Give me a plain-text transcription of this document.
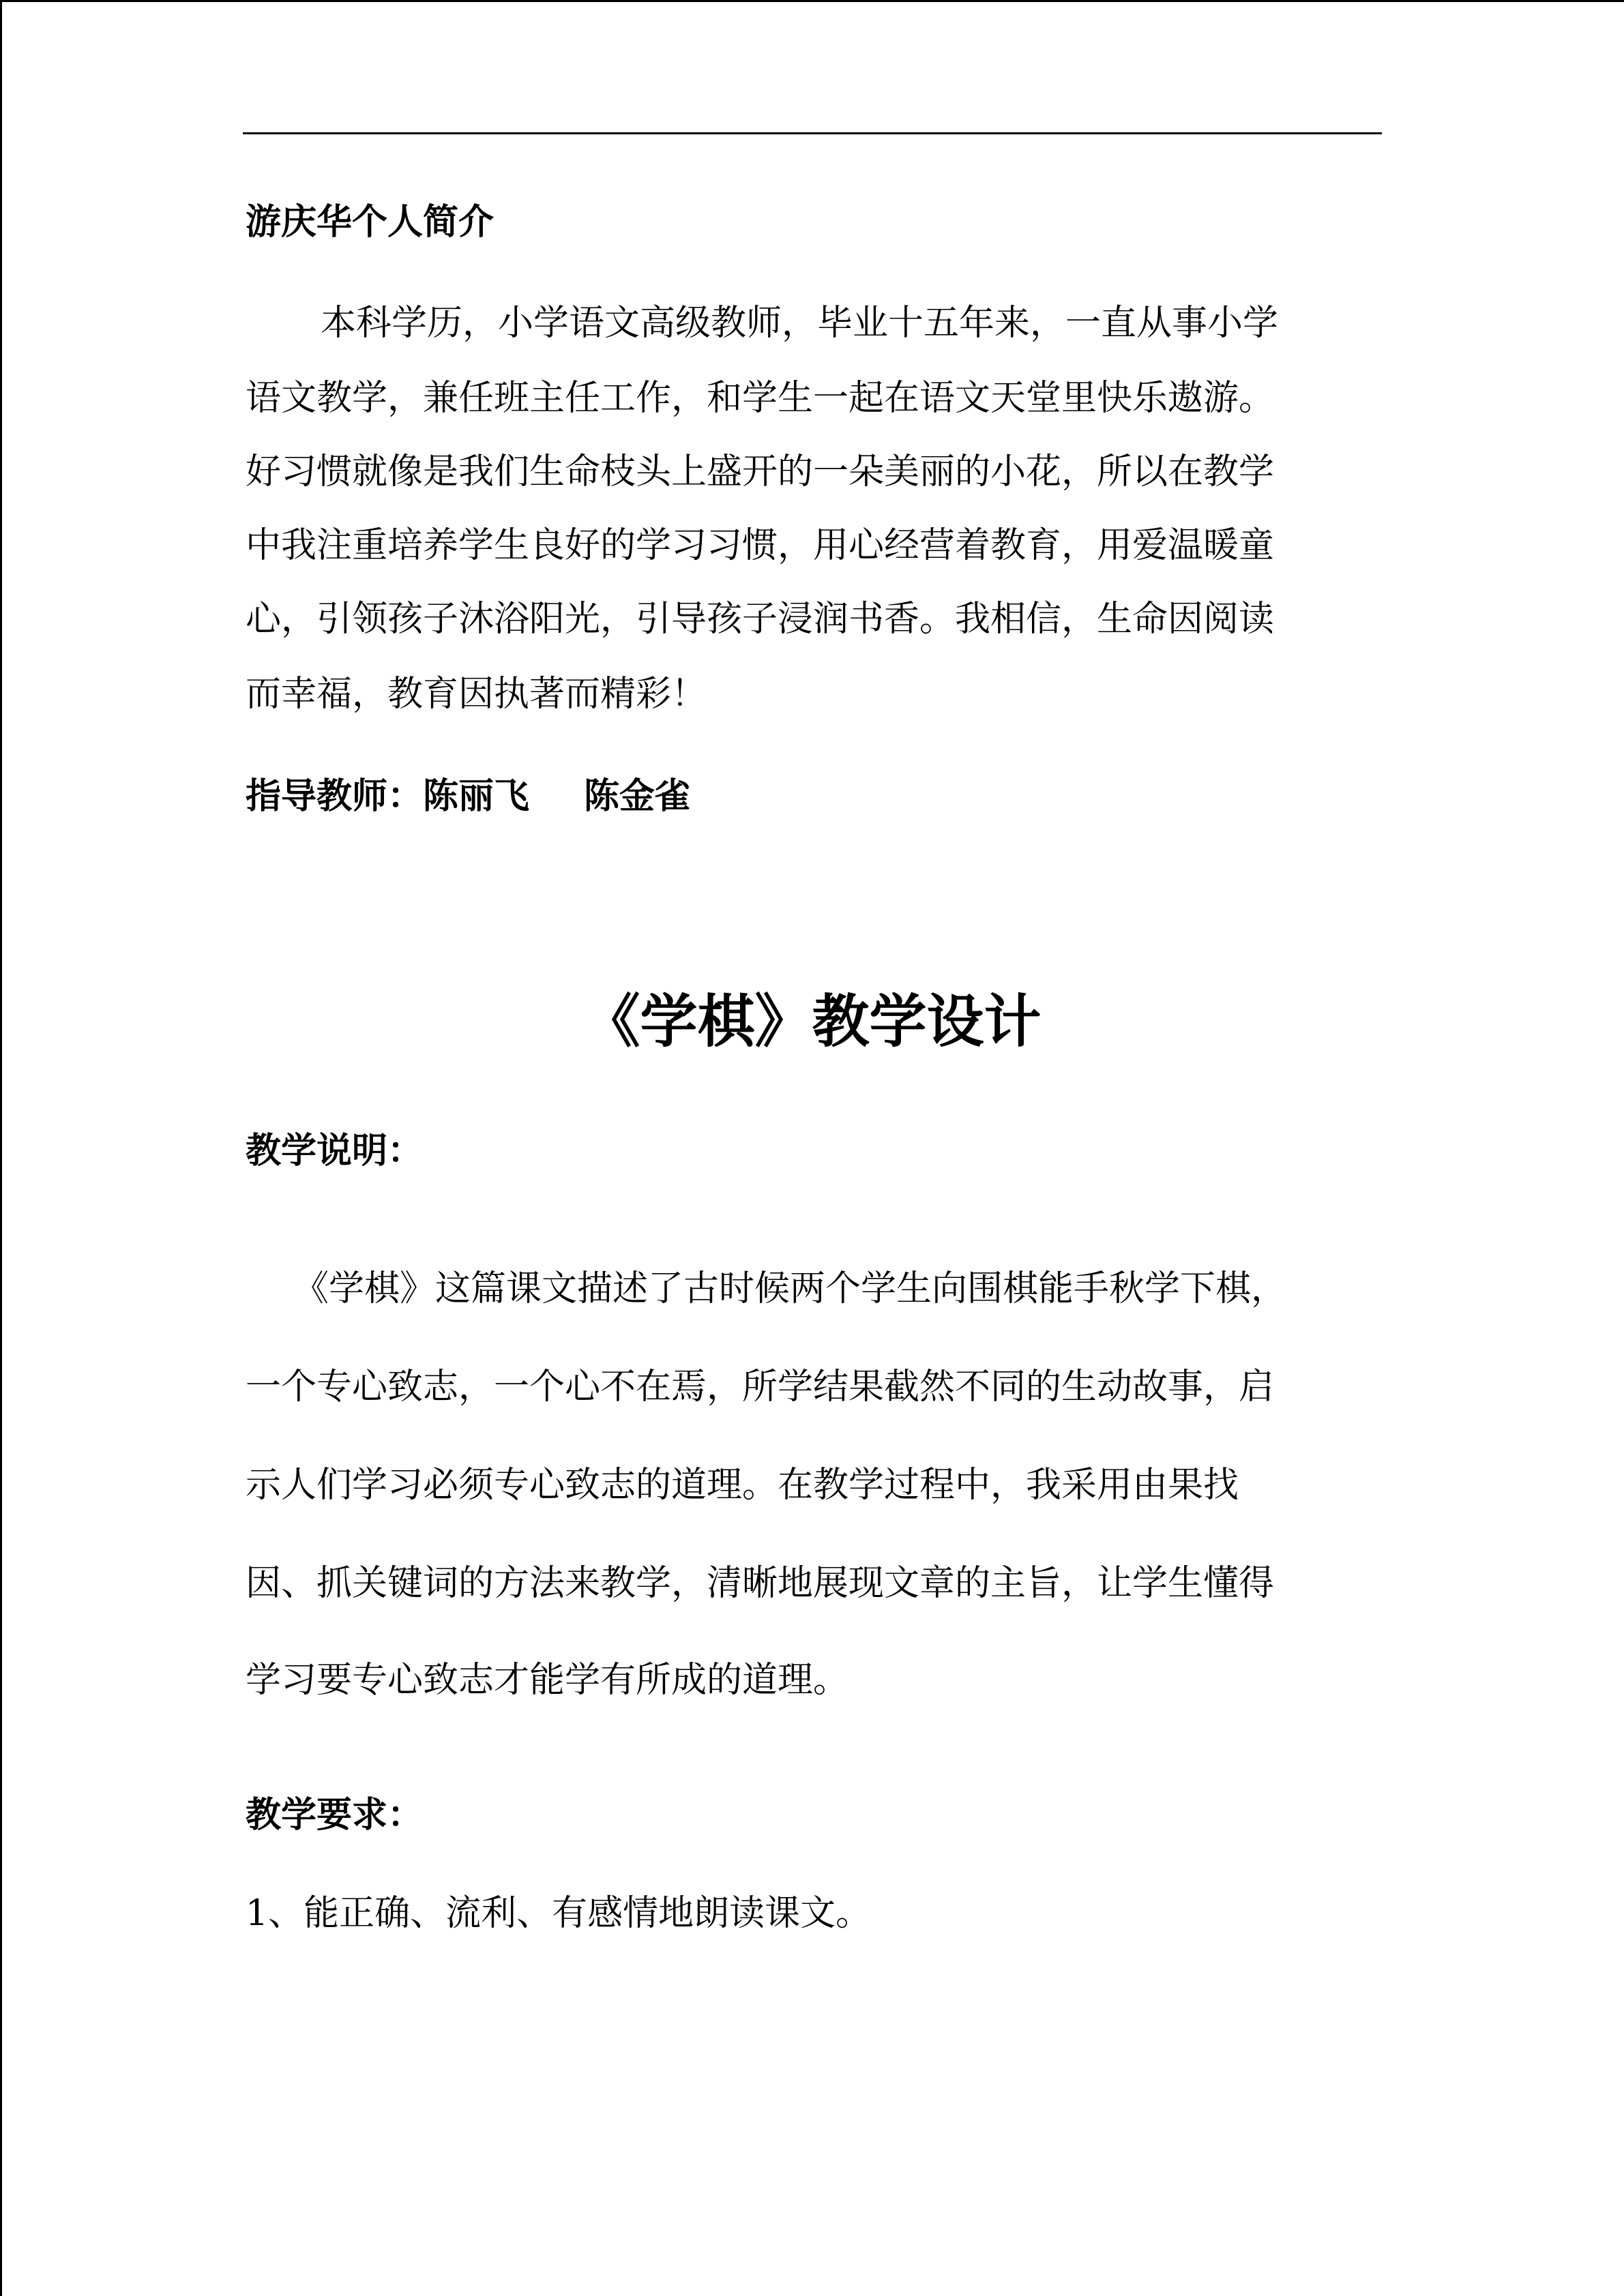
游庆华个人简介
本科学历，小学语文高级教师，毕业十五年来，一直从事小学
语文教学，兼任班主任工作，和学生一起在语文天堂里快乐遨游。
好习惯就像是我们生命枝头上盛开的一朵美丽的小花，所以在教学
中我注重培养学生良好的学习习惯，用心经营着教育，用爱温暖童
心，引领孩子沐浴阳光，引导孩子浸润书香。我相信，生命因阅读
而幸福，教育因执著而精彩！
指导教师：陈丽飞 陈金雀
《学棋》教学设计
教学说明：
《学棋》这篇课文描述了古时候两个学生向围棋能手秋学下棋，
一个专心致志，一个心不在焉，所学结果截然不同的生动故事，启
示人们学习必须专心致志的道理。在教学过程中，我采用由果找
因、抓关键词的方法来教学，清晰地展现文章的主旨，让学生懂得
学习要专心致志才能学有所成的道理。
教学要求：
1、能正确、流利、有感情地朗读课文。
